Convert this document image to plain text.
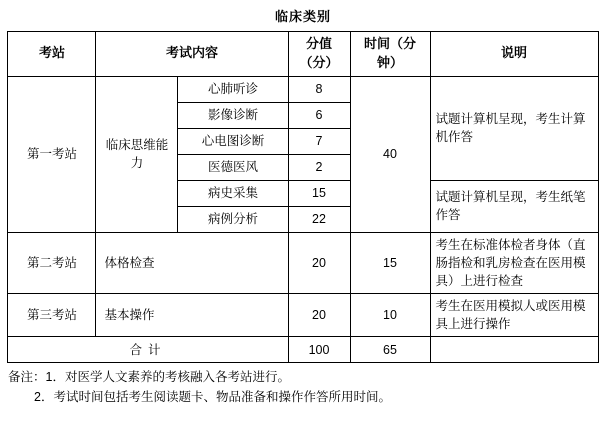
临床类别
考站	考试内容		分值（分）	时间（分钟）	说明
第一考站	临床思维能力	心肺听诊	8	40	试题计算机呈现，考生计算机作答
		影像诊断	6		
		心电图诊断	7		
		医德医风	2		
		病史采集	15		试题计算机呈现，考生纸笔作答
		病例分析	22		
第二考站	体格检查		20	15	考生在标准体检者身体（直肠指检和乳房检查在医用模具）上进行检查
第三考站	基本操作		20	10	考生在医用模拟人或医用模具上进行操作
合计			100	65	
备注：1．对医学人文素养的考核融入各考站进行。
2．考试时间包括考生阅读题卡、物品准备和操作作答所用时间。
